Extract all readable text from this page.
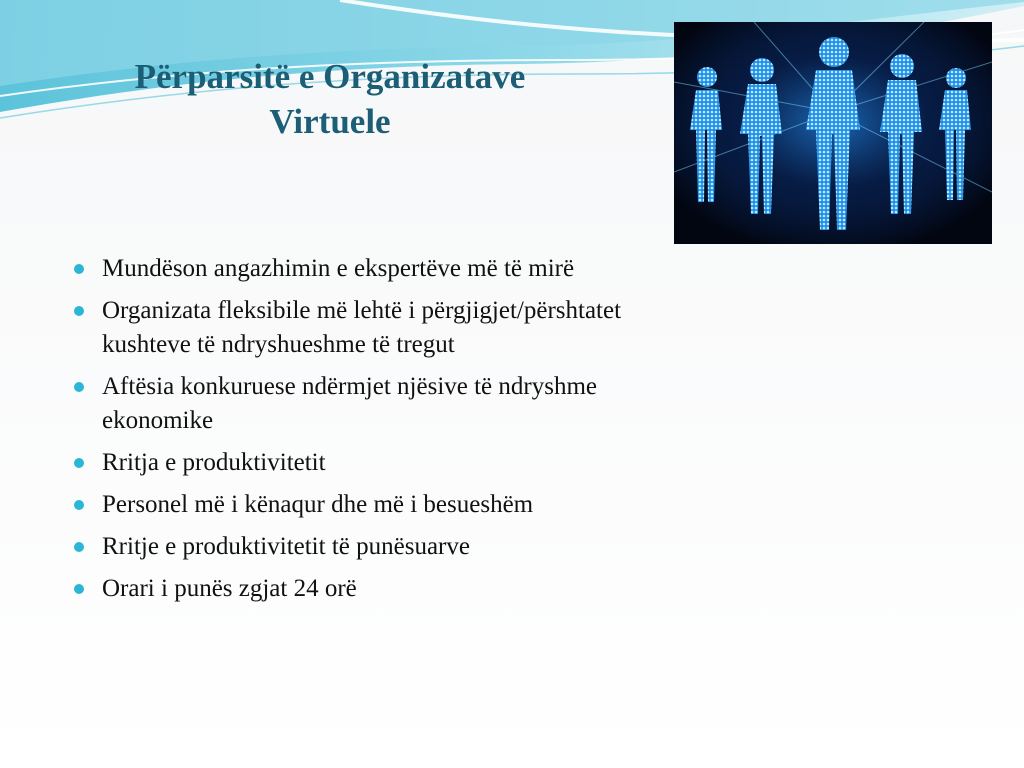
Përparsitë e Organizatave
Virtuele
Mundëson angazhimin e ekspertëve më të mirë
Organizata fleksibile më lehtë i përgjigjet/përshtatet
kushteve të ndryshueshme të tregut
Aftësia konkuruese ndërmjet njësive të ndryshme
ekonomike
Rritja e produktivitetit
Personel më i kënaqur dhe më i besueshëm
Rritje e produktivitetit të punësuarve
Orari i punës zgjat 24 orë
